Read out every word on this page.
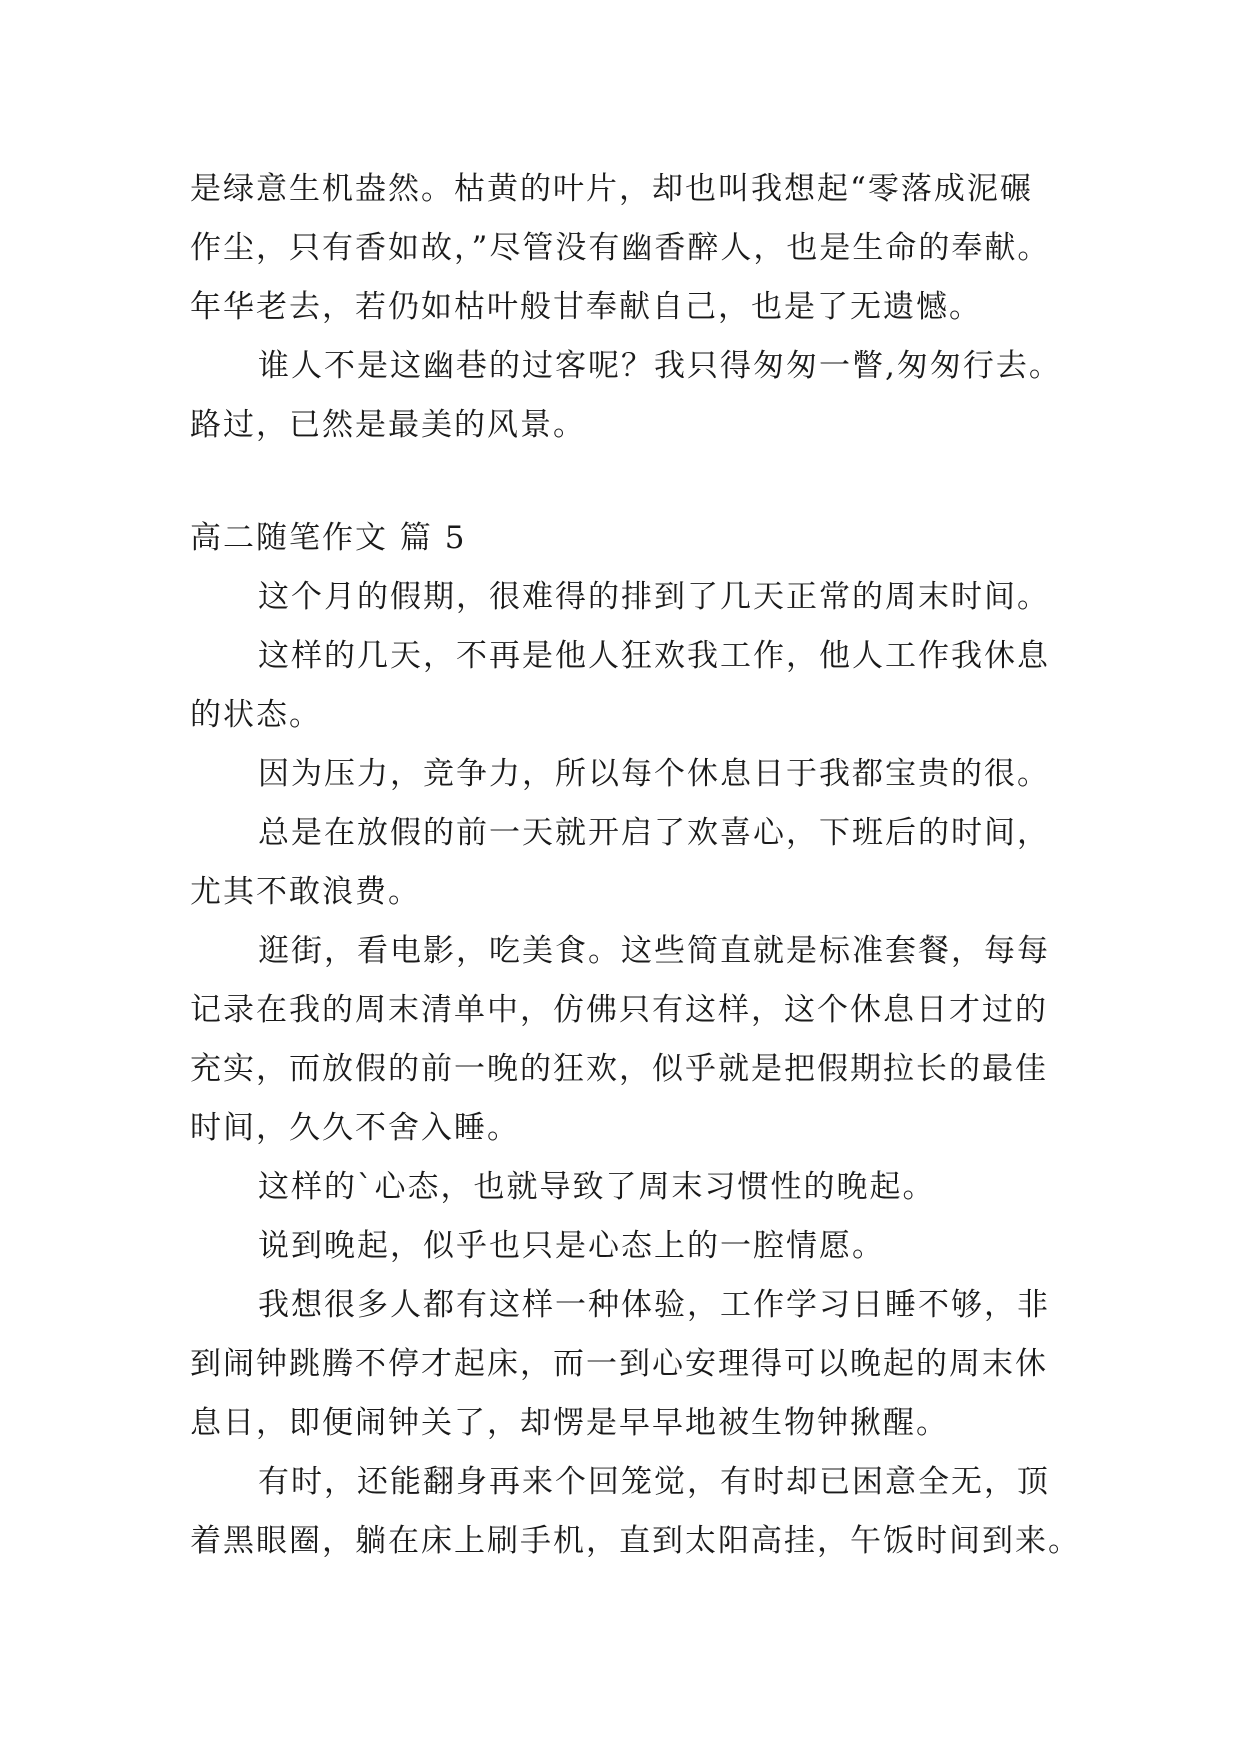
是绿意生机盎然。枯黄的叶片，却也叫我想起“零落成泥碾
作尘，只有香如故，”尽管没有幽香醉人，也是生命的奉献。
年华老去，若仍如枯叶般甘奉献自己，也是了无遗憾。
谁人不是这幽巷的过客呢？我只得匆匆一瞥,匆匆行去。
路过，已然是最美的风景。
高二随笔作文 篇 5
这个月的假期，很难得的排到了几天正常的周末时间。
这样的几天，不再是他人狂欢我工作，他人工作我休息
的状态。
因为压力，竞争力，所以每个休息日于我都宝贵的很。
总是在放假的前一天就开启了欢喜心，下班后的时间，
尤其不敢浪费。
逛街，看电影，吃美食。这些简直就是标准套餐，每每
记录在我的周末清单中，仿佛只有这样，这个休息日才过的
充实，而放假的前一晚的狂欢，似乎就是把假期拉长的最佳
时间，久久不舍入睡。
这样的`心态，也就导致了周末习惯性的晚起。
说到晚起，似乎也只是心态上的一腔情愿。
我想很多人都有这样一种体验，工作学习日睡不够，非
到闹钟跳腾不停才起床，而一到心安理得可以晚起的周末休
息日，即便闹钟关了，却愣是早早地被生物钟揪醒。
有时，还能翻身再来个回笼觉，有时却已困意全无，顶
着黑眼圈，躺在床上刷手机，直到太阳高挂，午饭时间到来。
